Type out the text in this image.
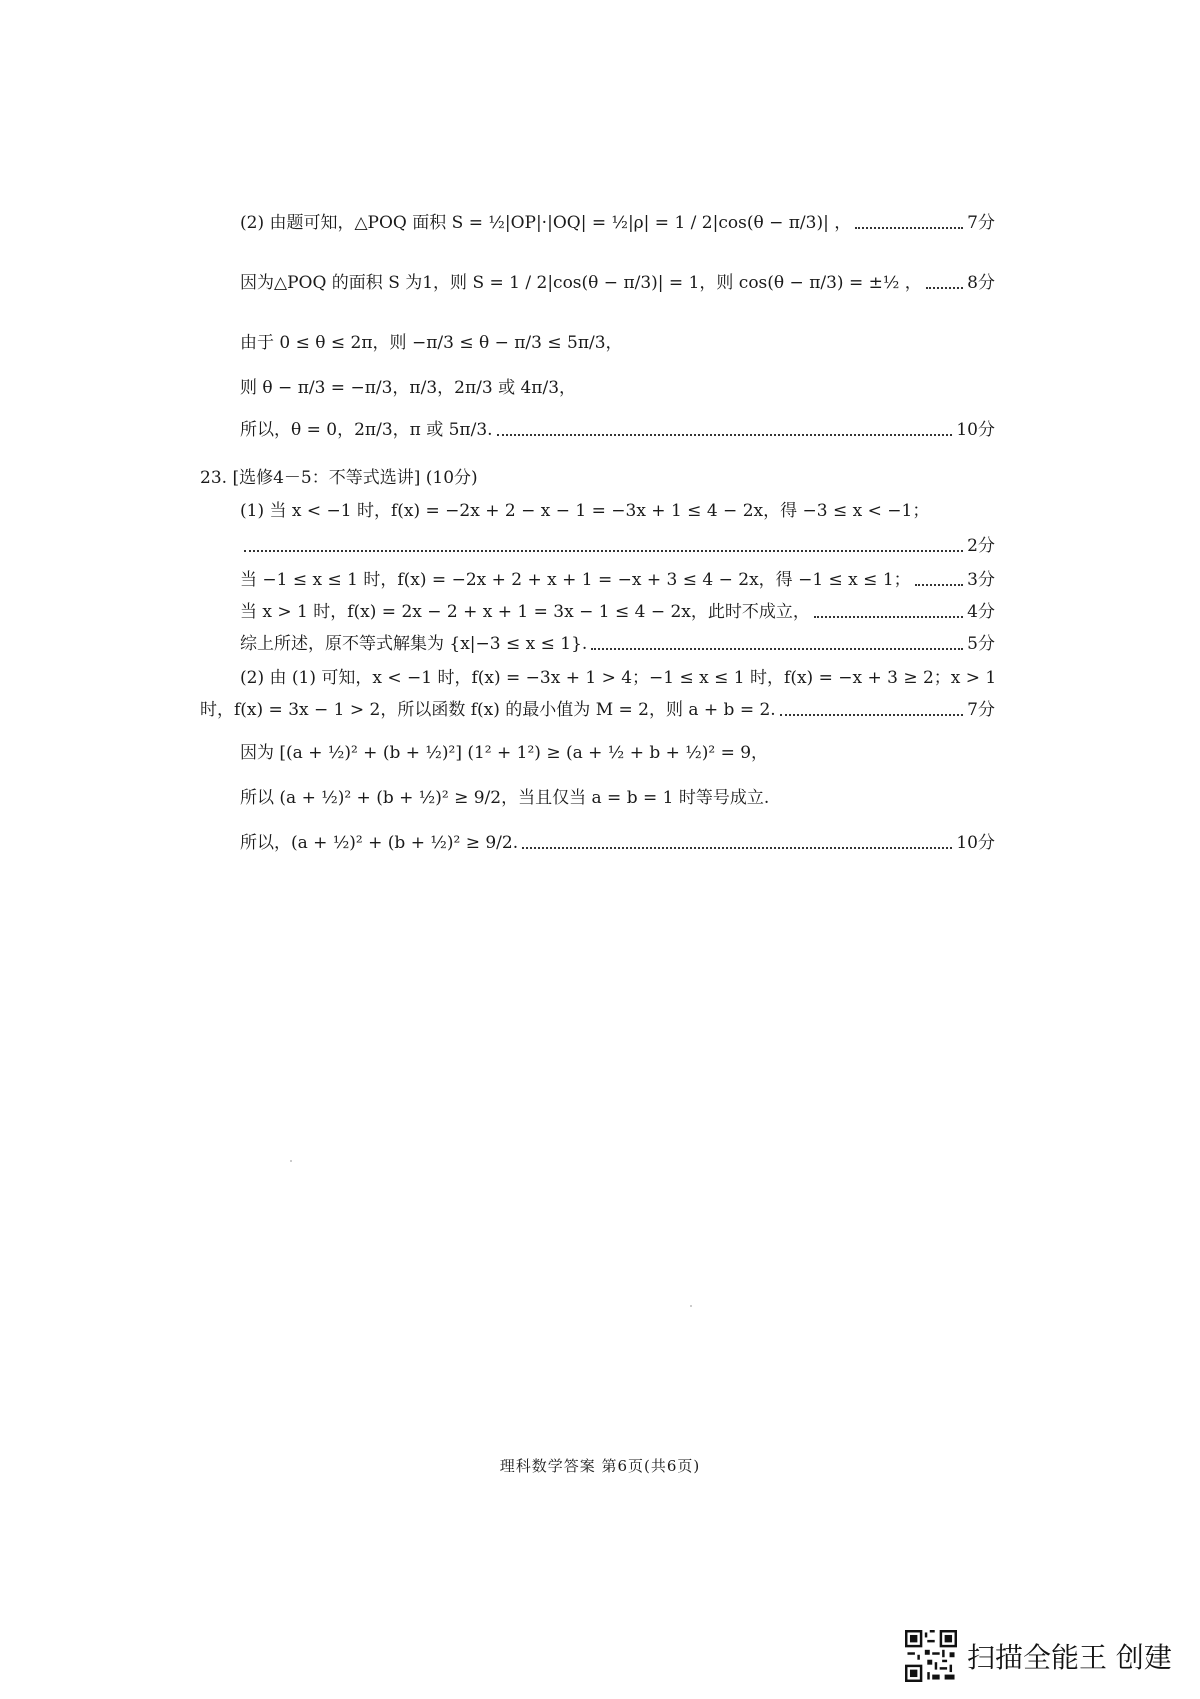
(2) 由题可知，△POQ 面积 S = ½|OP|·|OQ| = ½|ρ| = 1 / 2|cos(θ − π/3)| ，	7分
因为△POQ 的面积 S 为1，则 S = 1 / 2|cos(θ − π/3)| = 1，则 cos(θ − π/3) = ±½ ，	8分
由于 0 ≤ θ ≤ 2π，则 −π/3 ≤ θ − π/3 ≤ 5π/3，
则 θ − π/3 = −π/3，π/3，2π/3 或 4π/3，
所以，θ = 0，2π/3，π 或 5π/3.	10分
23. [选修4－5：不等式选讲] (10分)
(1) 当 x < −1 时，f(x) = −2x + 2 − x − 1 = −3x + 1 ≤ 4 − 2x，得 −3 ≤ x < −1；
2分
当 −1 ≤ x ≤ 1 时，f(x) = −2x + 2 + x + 1 = −x + 3 ≤ 4 − 2x，得 −1 ≤ x ≤ 1；	3分
当 x > 1 时，f(x) = 2x − 2 + x + 1 = 3x − 1 ≤ 4 − 2x，此时不成立，	4分
综上所述，原不等式解集为 {x|−3 ≤ x ≤ 1}.	5分
(2) 由 (1) 可知，x < −1 时，f(x) = −3x + 1 > 4；−1 ≤ x ≤ 1 时，f(x) = −x + 3 ≥ 2；x > 1
时，f(x) = 3x − 1 > 2，所以函数 f(x) 的最小值为 M = 2，则 a + b = 2.	7分
因为 [(a + ½)² + (b + ½)²] (1² + 1²) ≥ (a + ½ + b + ½)² = 9，
所以 (a + ½)² + (b + ½)² ≥ 9/2，当且仅当 a = b = 1 时等号成立.
所以，(a + ½)² + (b + ½)² ≥ 9/2.	10分
理科数学答案 第6页(共6页)
扫描全能王 创建
